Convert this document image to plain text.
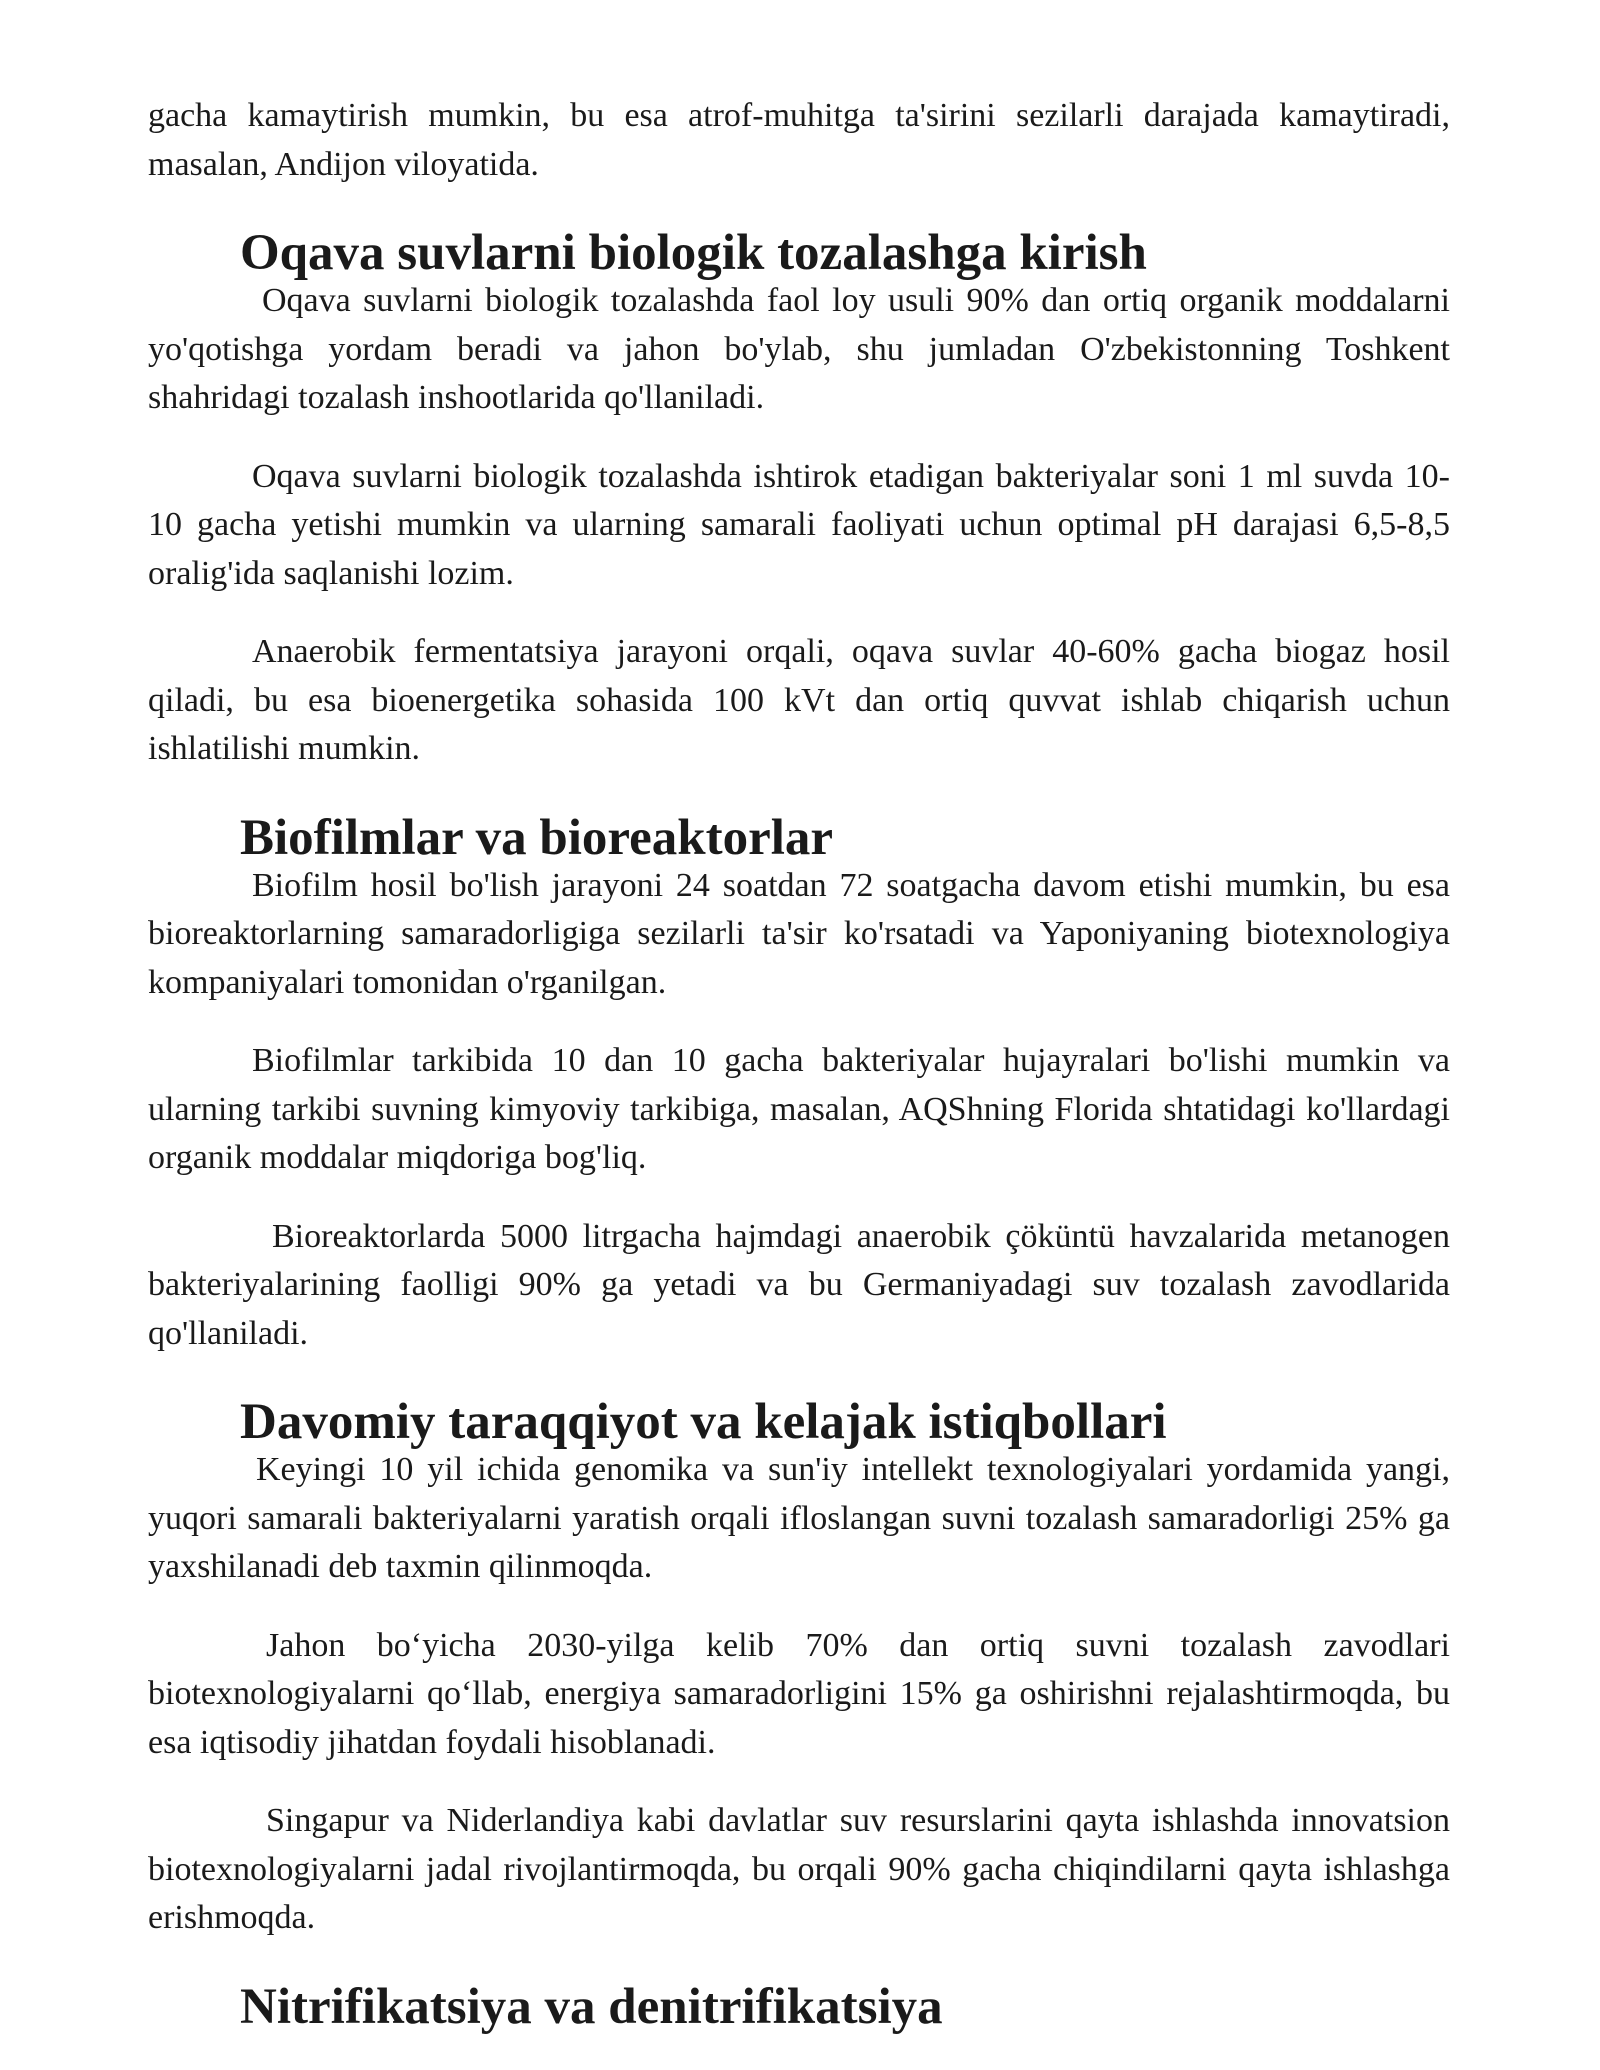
gacha kamaytirish mumkin, bu esa atrof-muhitga ta'sirini sezilarli darajada kamaytiradi, masalan, Andijon viloyatida.

Oqava suvlarni biologik tozalashga kirish

Oqava suvlarni biologik tozalashda faol loy usuli 90% dan ortiq organik moddalarni yo'qotishga yordam beradi va jahon bo'ylab, shu jumladan O'zbekistonning Toshkent shahridagi tozalash inshootlarida qo'llaniladi.

Oqava suvlarni biologik tozalashda ishtirok etadigan bakteriyalar soni 1 ml suvda 10-10 gacha yetishi mumkin va ularning samarali faoliyati uchun optimal pH darajasi 6,5-8,5 oralig'ida saqlanishi lozim.

Anaerobik fermentatsiya jarayoni orqali, oqava suvlar 40-60% gacha biogaz hosil qiladi, bu esa bioenergetika sohasida 100 kVt dan ortiq quvvat ishlab chiqarish uchun ishlatilishi mumkin.

Biofilmlar va bioreaktorlar

Biofilm hosil bo'lish jarayoni 24 soatdan 72 soatgacha davom etishi mumkin, bu esa bioreaktorlarning samaradorligiga sezilarli ta'sir ko'rsatadi va Yaponiyaning biotexnologiya kompaniyalari tomonidan o'rganilgan.

Biofilmlar tarkibida 10 dan 10 gacha bakteriyalar hujayralari bo'lishi mumkin va ularning tarkibi suvning kimyoviy tarkibiga, masalan, AQShning Florida shtatidagi ko'llardagi organik moddalar miqdoriga bog'liq.

Bioreaktorlarda 5000 litrgacha hajmdagi anaerobik çöküntü havzalarida metanogen bakteriyalarining faolligi 90% ga yetadi va bu Germaniyadagi suv tozalash zavodlarida qo'llaniladi.

Davomiy taraqqiyot va kelajak istiqbollari

Keyingi 10 yil ichida genomika va sun'iy intellekt texnologiyalari yordamida yangi, yuqori samarali bakteriyalarni yaratish orqali ifloslangan suvni tozalash samaradorligi 25% ga yaxshilanadi deb taxmin qilinmoqda.

Jahon bo‘yicha 2030-yilga kelib 70% dan ortiq suvni tozalash zavodlari biotexnologiyalarni qo‘llab, energiya samaradorligini 15% ga oshirishni rejalashtirmoqda, bu esa iqtisodiy jihatdan foydali hisoblanadi.

Singapur va Niderlandiya kabi davlatlar suv resurslarini qayta ishlashda innovatsion biotexnologiyalarni jadal rivojlantirmoqda, bu orqali 90% gacha chiqindilarni qayta ishlashga erishmoqda.

Nitrifikatsiya va denitrifikatsiya
